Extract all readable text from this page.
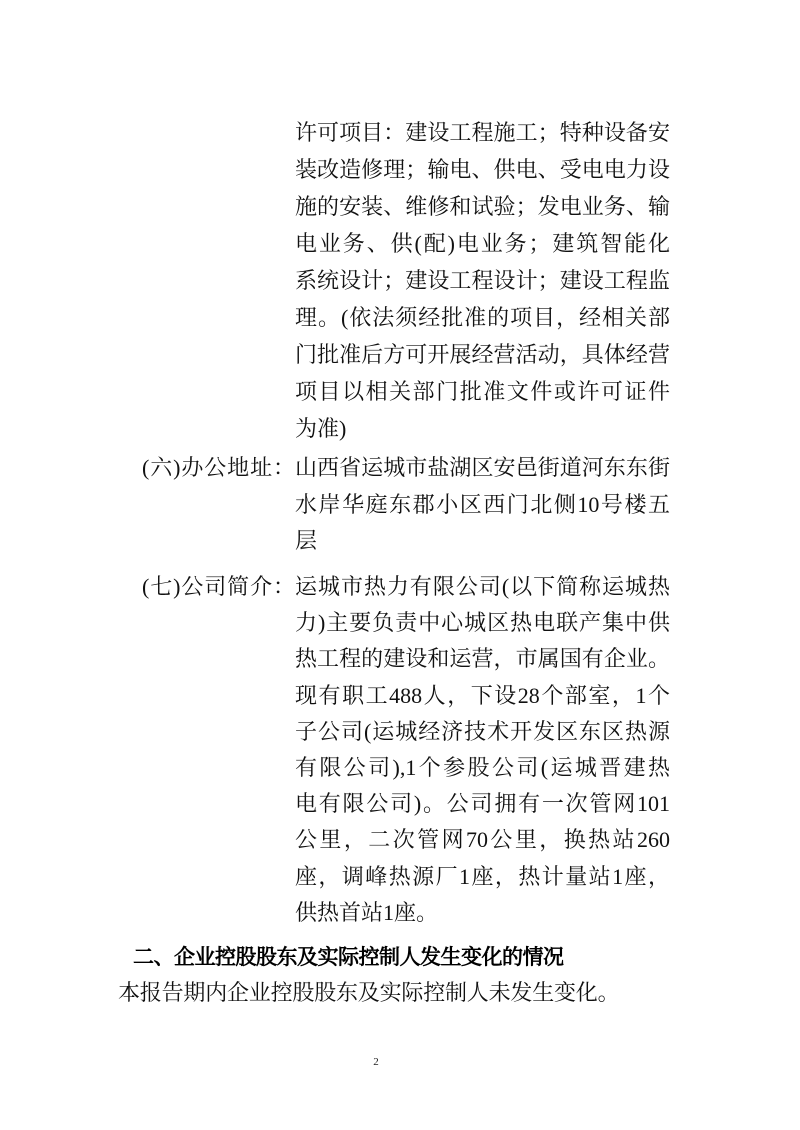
许可项目：建设工程施工；特种设备安
装改造修理；输电、供电、受电电力设
施的安装、维修和试验；发电业务、输
电业务、供(配)电业务；建筑智能化
系统设计；建设工程设计；建设工程监
理。(依法须经批准的项目，经相关部
门批准后方可开展经营活动，具体经营
项目以相关部门批准文件或许可证件
为准)
(六)办公地址： 山西省运城市盐湖区安邑街道河东东街
水岸华庭东郡小区西门北侧10号楼五
层
(七)公司简介： 运城市热力有限公司(以下简称运城热
力)主要负责中心城区热电联产集中供
热工程的建设和运营，市属国有企业。
现有职工488人，下设28个部室，1个
子公司(运城经济技术开发区东区热源
有限公司),1个参股公司(运城晋建热
电有限公司)。公司拥有一次管网101
公里，二次管网70公里，换热站260
座，调峰热源厂1座，热计量站1座，
供热首站1座。
二、企业控股股东及实际控制人发生变化的情况
本报告期内企业控股股东及实际控制人未发生变化。
2
